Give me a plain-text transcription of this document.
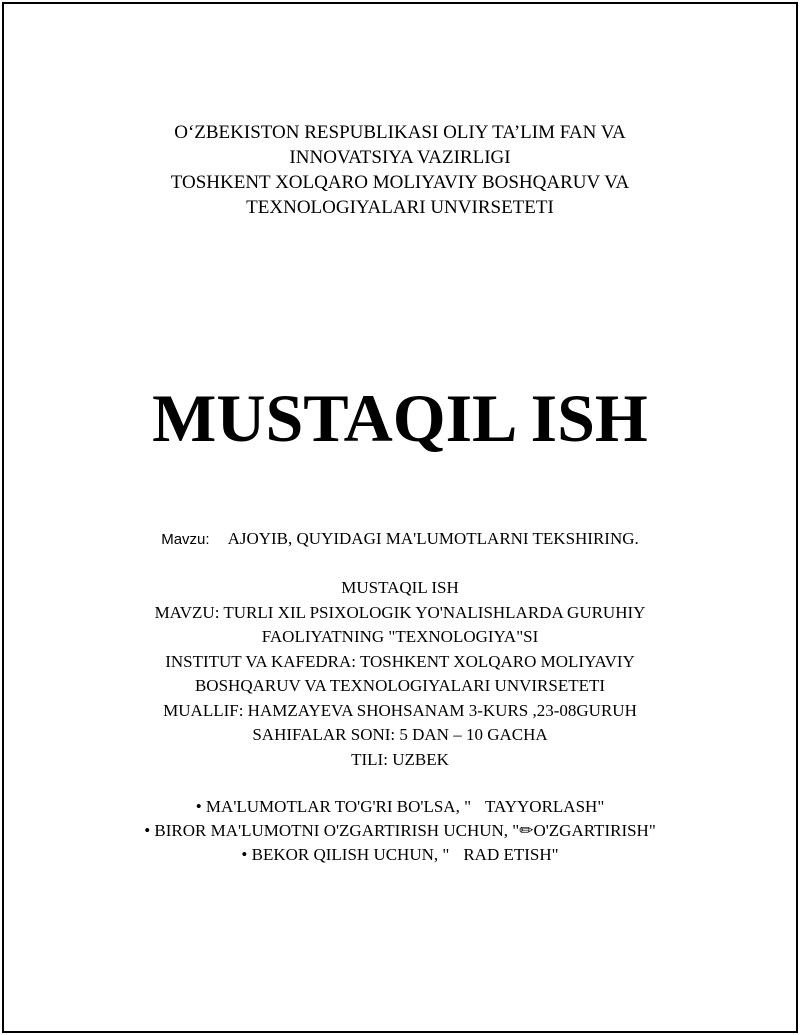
O‘ZBEKISTON RESPUBLIKASI OLIY TA’LIM FAN VA
INNOVATSIYA VAZIRLIGI
TOSHKENT XOLQARO MOLIYAVIY BOSHQARUV VA
TEXNOLOGIYALARI UNVIRSETETI
MUSTAQIL ISH
Mavzu: AJOYIB, QUYIDAGI MA'LUMOTLARNI TEKSHIRING.
MUSTAQIL ISH
MAVZU: TURLI XIL PSIXOLOGIK YO'NALISHLARDA GURUHIY
FAOLIYATNING "TEXNOLOGIYA"SI
INSTITUT VA KAFEDRA: TOSHKENT XOLQARO MOLIYAVIY
BOSHQARUV VA TEXNOLOGIYALARI UNVIRSETETI
MUALLIF: HAMZAYEVA SHOHSANAM 3-KURS ,23-08GURUH
SAHIFALAR SONI: 5 DAN – 10 GACHA
TILI: UZBEK
• MA'LUMOTLAR TO'G'RI BO'LSA, " TAYYORLASH"
• BIROR MA'LUMOTNI O'ZGARTIRISH UCHUN, "✏O'ZGARTIRISH"
• BEKOR QILISH UCHUN, " RAD ETISH"
